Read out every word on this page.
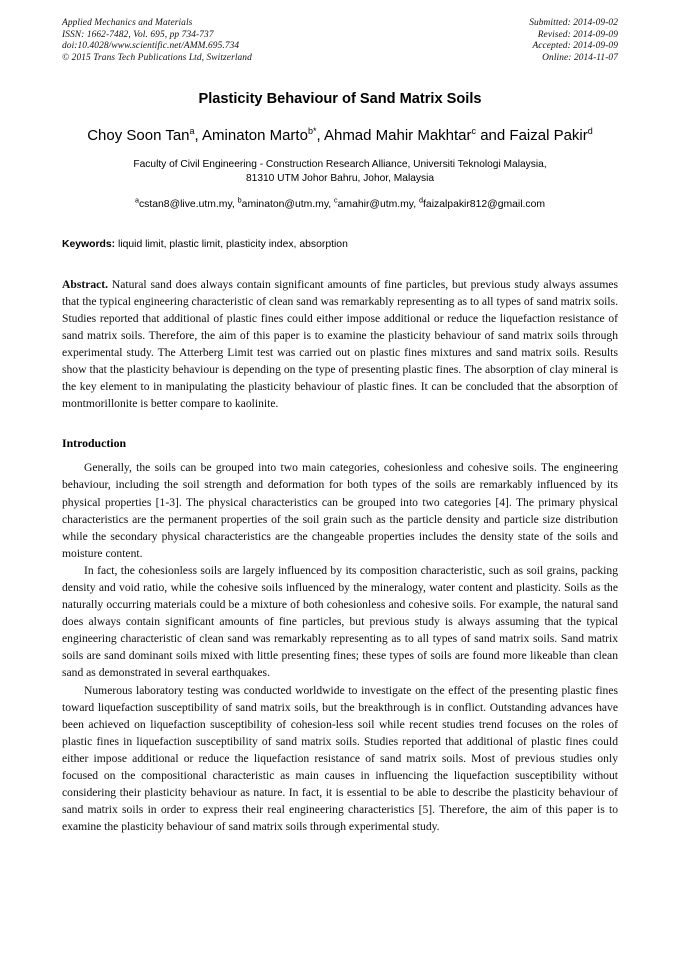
Applied Mechanics and Materials
ISSN: 1662-7482, Vol. 695, pp 734-737
doi:10.4028/www.scientific.net/AMM.695.734
© 2015 Trans Tech Publications Ltd, Switzerland
Submitted: 2014-09-02
Revised: 2014-09-09
Accepted: 2014-09-09
Online: 2014-11-07
Plasticity Behaviour of Sand Matrix Soils
Choy Soon Tan$^a$, Aminaton Marto$^{b*}$, Ahmad Mahir Makhtar$^c$ and Faizal Pakir$^d$
Faculty of Civil Engineering - Construction Research Alliance, Universiti Teknologi Malaysia,
81310 UTM Johor Bahru, Johor, Malaysia
$^a$cstan8@live.utm.my, $^b$aminaton@utm.my, $^c$amahir@utm.my, $^d$faizalpakir812@gmail.com
Keywords: liquid limit, plastic limit, plasticity index, absorption
Abstract. Natural sand does always contain significant amounts of fine particles, but previous study always assumes that the typical engineering characteristic of clean sand was remarkably representing as to all types of sand matrix soils. Studies reported that additional of plastic fines could either impose additional or reduce the liquefaction resistance of sand matrix soils. Therefore, the aim of this paper is to examine the plasticity behaviour of sand matrix soils through experimental study. The Atterberg Limit test was carried out on plastic fines mixtures and sand matrix soils. Results show that the plasticity behaviour is depending on the type of presenting plastic fines. The absorption of clay mineral is the key element to in manipulating the plasticity behaviour of plastic fines. It can be concluded that the absorption of montmorillonite is better compare to kaolinite.
Introduction
Generally, the soils can be grouped into two main categories, cohesionless and cohesive soils. The engineering behaviour, including the soil strength and deformation for both types of the soils are remarkably influenced by its physical properties [1-3]. The physical characteristics can be grouped into two categories [4]. The primary physical characteristics are the permanent properties of the soil grain such as the particle density and particle size distribution while the secondary physical characteristics are the changeable properties includes the density state of the soils and moisture content.
In fact, the cohesionless soils are largely influenced by its composition characteristic, such as soil grains, packing density and void ratio, while the cohesive soils influenced by the mineralogy, water content and plasticity. Soils as the naturally occurring materials could be a mixture of both cohesionless and cohesive soils. For example, the natural sand does always contain significant amounts of fine particles, but previous study is always assuming that the typical engineering characteristic of clean sand was remarkably representing as to all types of sand matrix soils. Sand matrix soils are sand dominant soils mixed with little presenting fines; these types of soils are found more likeable than clean sand as demonstrated in several earthquakes.
Numerous laboratory testing was conducted worldwide to investigate on the effect of the presenting plastic fines toward liquefaction susceptibility of sand matrix soils, but the breakthrough is in conflict. Outstanding advances have been achieved on liquefaction susceptibility of cohesion-less soil while recent studies trend focuses on the roles of plastic fines in liquefaction susceptibility of sand matrix soils. Studies reported that additional of plastic fines could either impose additional or reduce the liquefaction resistance of sand matrix soils. Most of previous studies only focused on the compositional characteristic as main causes in influencing the liquefaction susceptibility without considering their plasticity behaviour as nature. In fact, it is essential to be able to describe the plasticity behaviour of sand matrix soils in order to express their real engineering characteristics [5]. Therefore, the aim of this paper is to examine the plasticity behaviour of sand matrix soils through experimental study.
